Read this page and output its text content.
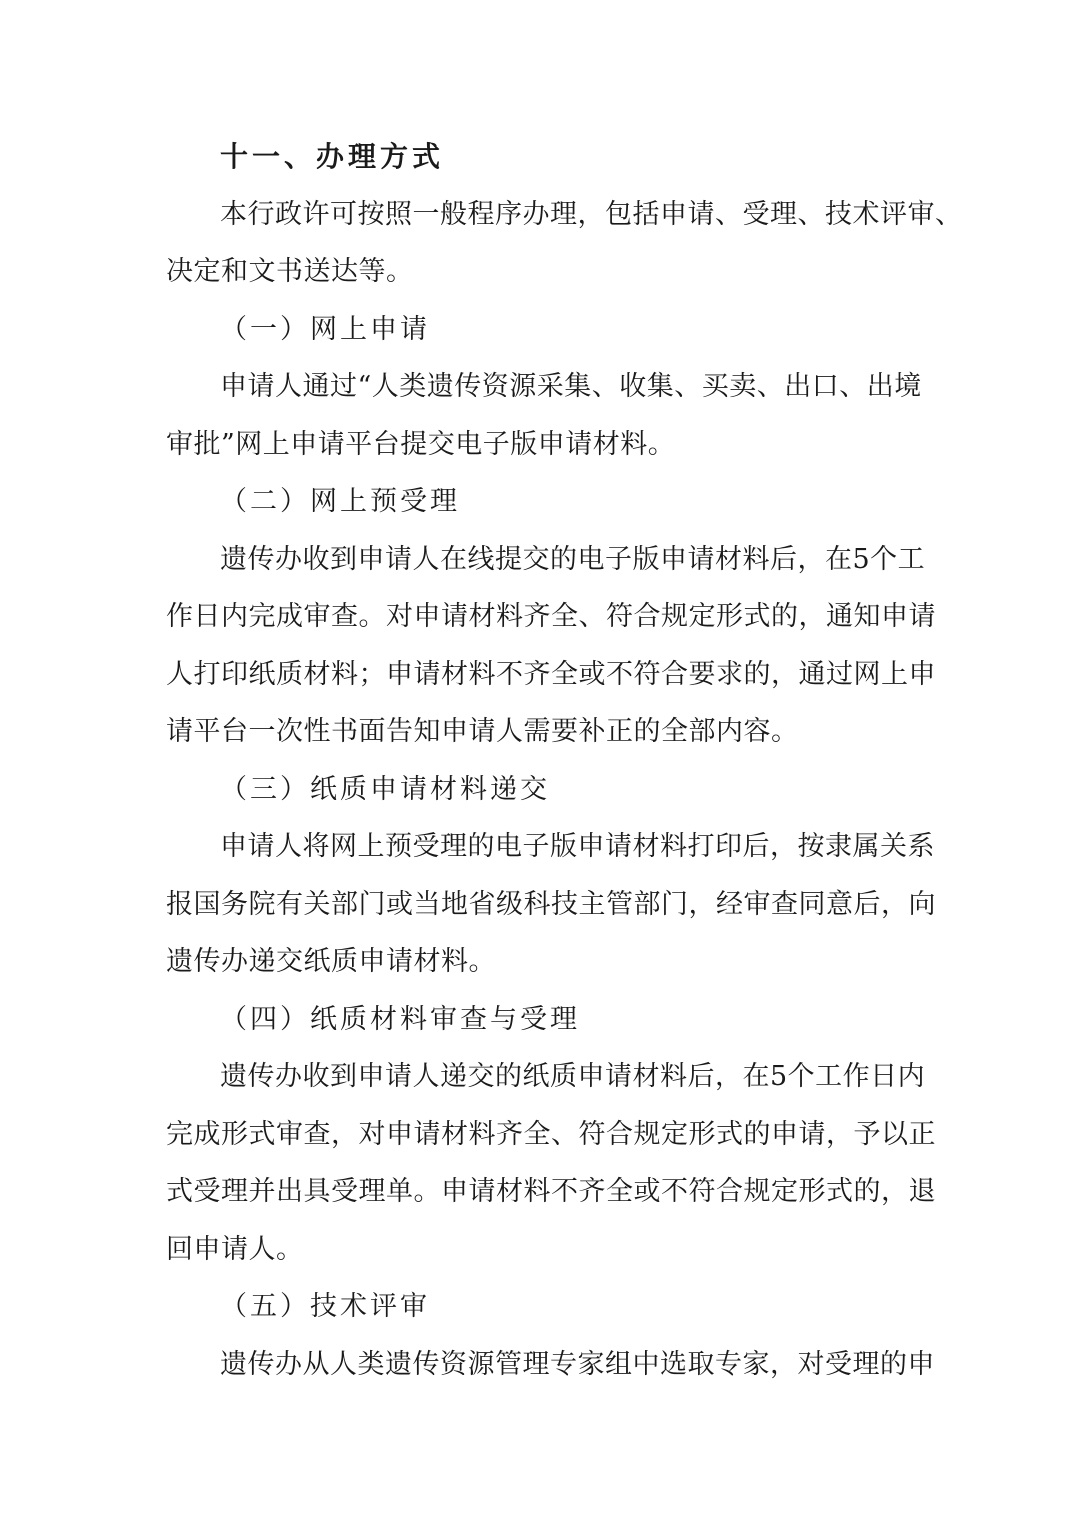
十一、办理方式
本行政许可按照一般程序办理，包括申请、受理、技术评审、
决定和文书送达等。
（一）网上申请
申请人通过“人类遗传资源采集、收集、买卖、出口、出境
审批”网上申请平台提交电子版申请材料。
（二）网上预受理
遗传办收到申请人在线提交的电子版申请材料后，在5个工
作日内完成审查。对申请材料齐全、符合规定形式的，通知申请
人打印纸质材料；申请材料不齐全或不符合要求的，通过网上申
请平台一次性书面告知申请人需要补正的全部内容。
（三）纸质申请材料递交
申请人将网上预受理的电子版申请材料打印后，按隶属关系
报国务院有关部门或当地省级科技主管部门，经审查同意后，向
遗传办递交纸质申请材料。
（四）纸质材料审查与受理
遗传办收到申请人递交的纸质申请材料后，在5个工作日内
完成形式审查，对申请材料齐全、符合规定形式的申请，予以正
式受理并出具受理单。申请材料不齐全或不符合规定形式的，退
回申请人。
（五）技术评审
遗传办从人类遗传资源管理专家组中选取专家，对受理的申
